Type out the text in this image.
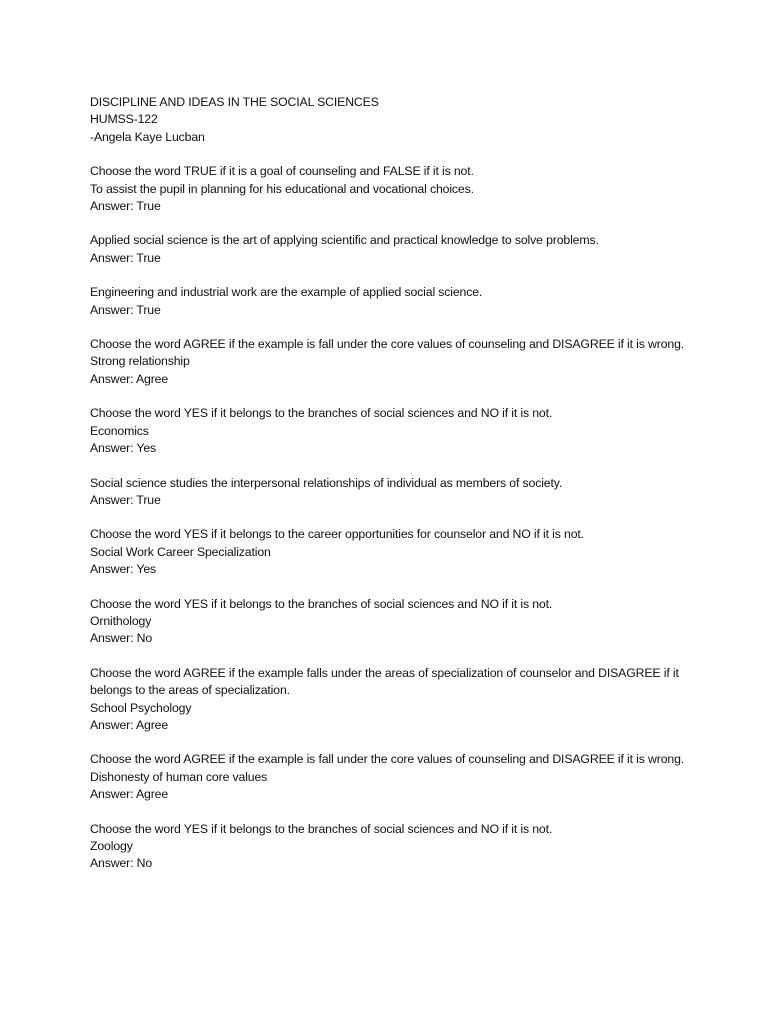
DISCIPLINE AND IDEAS IN THE SOCIAL SCIENCES
HUMSS-122
-Angela Kaye Lucban
Choose the word TRUE if it is a goal of counseling and FALSE if it is not.
To assist the pupil in planning for his educational and vocational choices.
Answer: True
Applied social science is the art of applying scientific and practical knowledge to solve problems.
Answer: True
Engineering and industrial work are the example of applied social science.
Answer: True
Choose the word AGREE if the example is fall under the core values of counseling and DISAGREE if it is wrong.
Strong relationship
Answer: Agree
Choose the word YES if it belongs to the branches of social sciences and NO if it is not.
Economics
Answer: Yes
Social science studies the interpersonal relationships of individual as members of society.
Answer: True
Choose the word YES if it belongs to the career opportunities for counselor and NO if it is not.
Social Work Career Specialization
Answer: Yes
Choose the word YES if it belongs to the branches of social sciences and NO if it is not.
Ornithology
Answer: No
Choose the word AGREE if the example falls under the areas of specialization of counselor and DISAGREE if it belongs to the areas of specialization.
School Psychology
Answer: Agree
Choose the word AGREE if the example is fall under the core values of counseling and DISAGREE if it is wrong.
Dishonesty of human core values
Answer: Agree
Choose the word YES if it belongs to the branches of social sciences and NO if it is not.
Zoology
Answer: No
